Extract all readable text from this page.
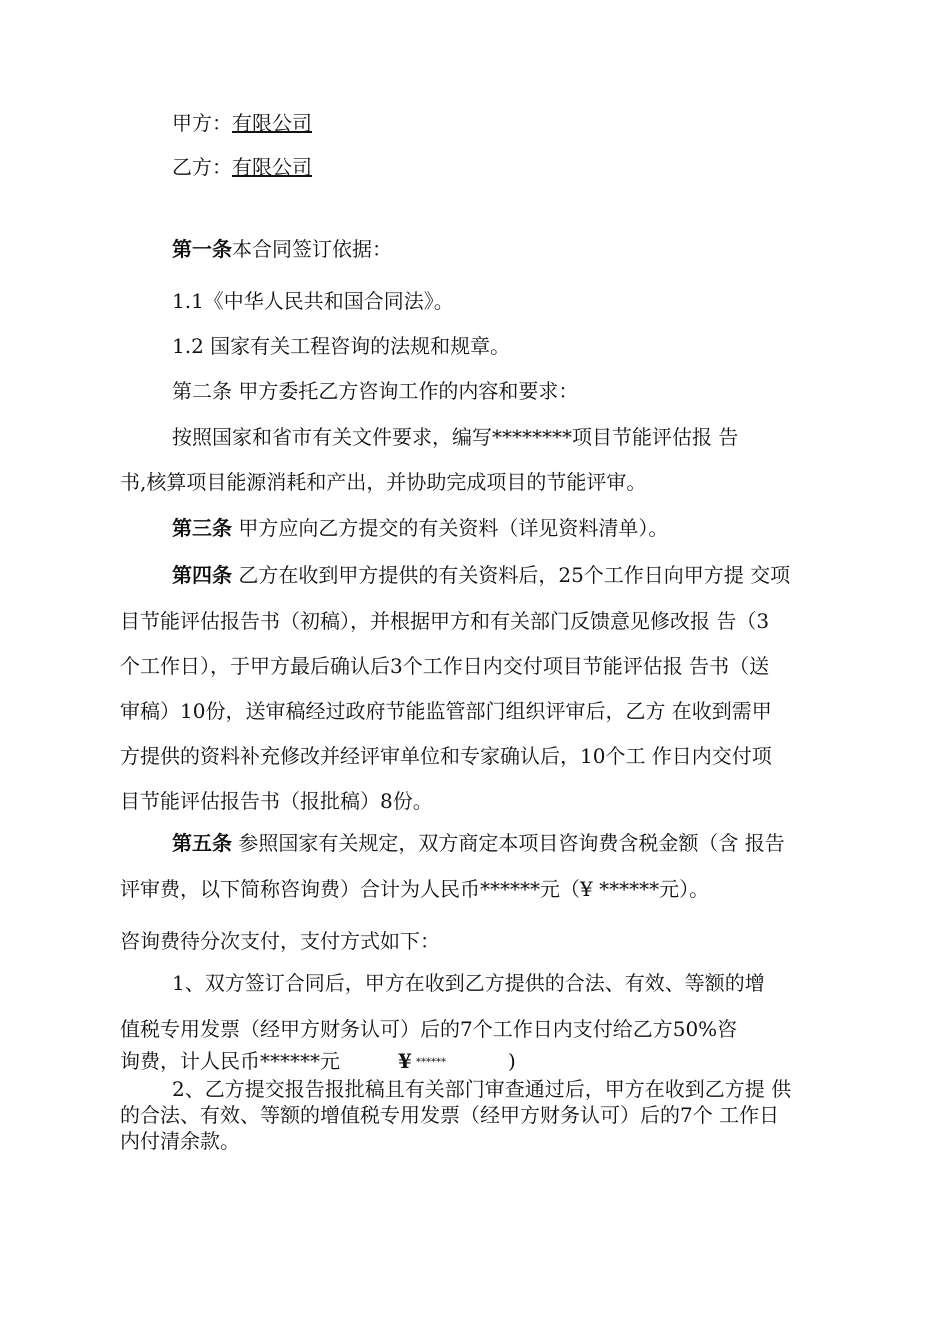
甲方：有限公司
乙方：有限公司
第一条本合同签订依据：
1.1《中华人民共和国合同法》。
1.2 国家有关工程咨询的法规和规章。
第二条 甲方委托乙方咨询工作的内容和要求：
按照国家和省市有关文件要求，编写********项目节能评估报 告
书,核算项目能源消耗和产出，并协助完成项目的节能评审。
第三条 甲方应向乙方提交的有关资料（详见资料清单）。
第四条 乙方在收到甲方提供的有关资料后，25个工作日向甲方提 交项
目节能评估报告书（初稿），并根据甲方和有关部门反馈意见修改报 告（3
个工作日），于甲方最后确认后3个工作日内交付项目节能评估报 告书（送
审稿）10份，送审稿经过政府节能监管部门组织评审后，乙方 在收到需甲
方提供的资料补充修改并经评审单位和专家确认后，10个工 作日内交付项
目节能评估报告书（报批稿）8份。
第五条 参照国家有关规定，双方商定本项目咨询费含税金额（含 报告
评审费，以下简称咨询费）合计为人民币******元（¥ ******元）。
咨询费待分次支付，支付方式如下：
1、双方签订合同后，甲方在收到乙方提供的合法、有效、等额的增
值税专用发票（经甲方财务认可）后的7个工作日内支付给乙方50%咨
询费，计人民币******元	¥ ******	)
2、乙方提交报告报批稿且有关部门审查通过后，甲方在收到乙方提 供
的合法、有效、等额的增值税专用发票（经甲方财务认可）后的7个 工作日
内付清余款。
